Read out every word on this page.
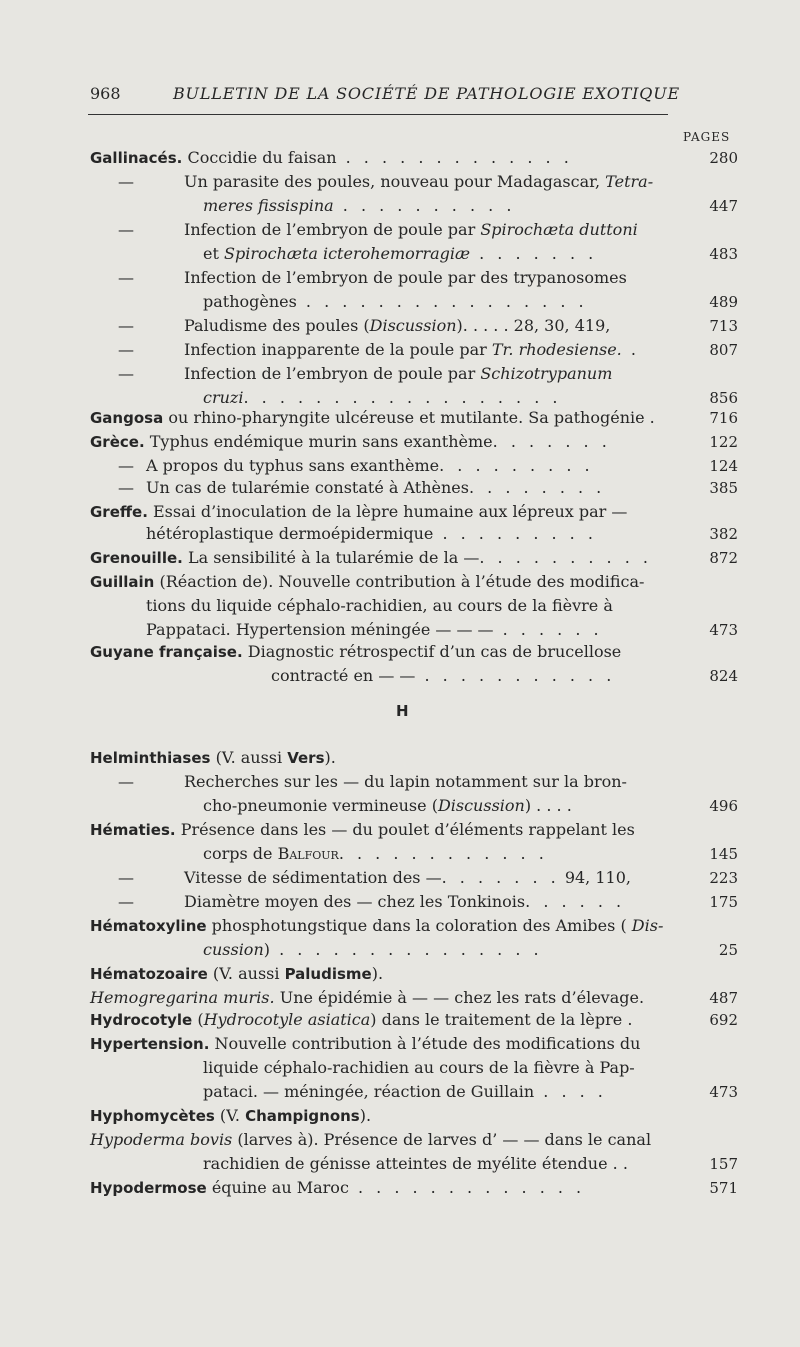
968	BULLETIN DE LA SOCIÉTÉ DE PATHOLOGIE EXOTIQUE
PAGES
H
Gallinacés. Coccidie du faisan . . . . . . . . . . . . .	280
—	Un parasite des poules, nouveau pour Madagascar, Tetra-
meres fissispina . . . . . . . . . .	447
—	Infection de l’embryon de poule par Spirochæta duttoni
et Spirochæta icterohemorragiæ . . . . . . .	483
—	Infection de l’embryon de poule par des trypanosomes
pathogènes . . . . . . . . . . . . . . . .	489
—	Paludisme des poules (Discussion). . . . . 28, 30, 419,	713
—	Infection inapparente de la poule par Tr. rhodesiense. .	807
—	Infection de l’embryon de poule par Schizotrypanum
cruzi. . . . . . . . . . . . . . . . . .	856
Gangosa ou rhino-pharyngite ulcéreuse et mutilante. Sa pathogénie .	716
Grèce. Typhus endémique murin sans exanthème. . . . . . .	122
— A propos du typhus sans exanthème. . . . . . . . .	124
— Un cas de tularémie constaté à Athènes. . . . . . . .	385
Greffe. Essai d’inoculation de la lèpre humaine aux lépreux par —
hétéroplastique dermoépidermique . . . . . . . . .	382
Grenouille. La sensibilité à la tularémie de la —. . . . . . . . . .	872
Guillain (Réaction de). Nouvelle contribution à l’étude des modifica-
tions du liquide céphalo-rachidien, au cours de la fièvre à
Pappataci. Hypertension méningée — — — . . . . . .	473
Guyane française. Diagnostic rétrospectif d’un cas de brucellose
contracté en — — . . . . . . . . . . .	824
Helminthiases (V. aussi Vers).
—	Recherches sur les — du lapin notamment sur la bron-
cho-pneumonie vermineuse (Discussion) . . . .	496
Hématies. Présence dans les — du poulet d’éléments rappelant les
corps de Balfour. . . . . . . . . . . .	145
—	Vitesse de sédimentation des —. . . . . . . 94, 110,	223
—	Diamètre moyen des — chez les Tonkinois. . . . . .	175
Hématoxyline phosphotungstique dans la coloration des Amibes ( Dis-
cussion) . . . . . . . . . . . . . . .	25
Hématozoaire (V. aussi Paludisme).
Hemogregarina muris. Une épidémie à — — chez les rats d’élevage.	487
Hydrocotyle (Hydrocotyle asiatica) dans le traitement de la lèpre .	692
Hypertension. Nouvelle contribution à l’étude des modifications du
liquide céphalo-rachidien au cours de la fièvre à Pap-
pataci. — méningée, réaction de Guillain . . . .	473
Hyphomycètes (V. Champignons).
Hypoderma bovis (larves à). Présence de larves d’ — — dans le canal
rachidien de génisse atteintes de myélite étendue . .	157
Hypodermose équine au Maroc . . . . . . . . . . . . .	571
